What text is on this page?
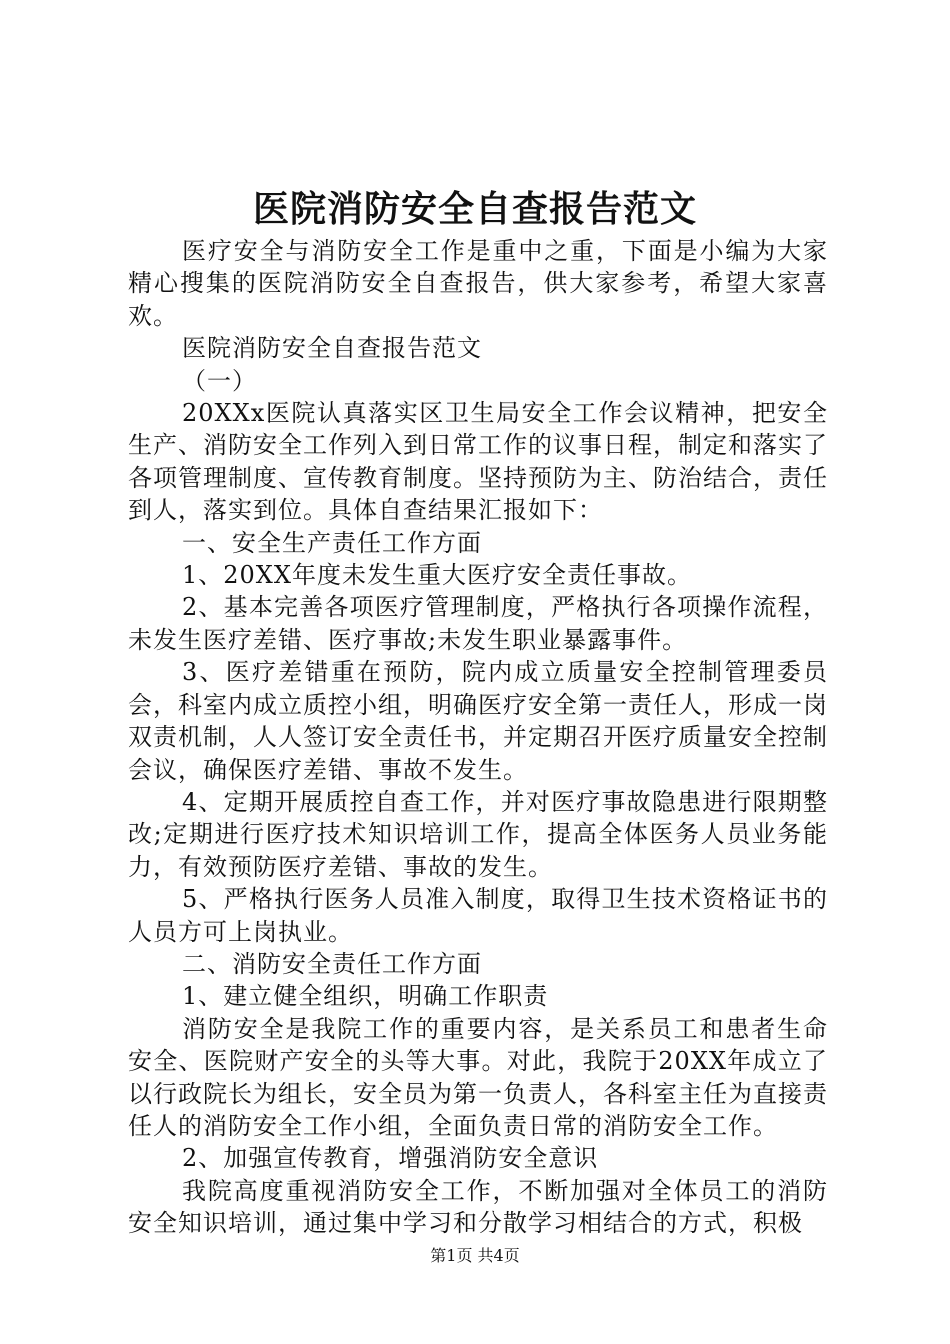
医院消防安全自查报告范文

医疗安全与消防安全工作是重中之重，下面是小编为大家精心搜集的医院消防安全自查报告，供大家参考，希望大家喜欢。

医院消防安全自查报告范文

（一）

20XXx医院认真落实区卫生局安全工作会议精神，把安全生产、消防安全工作列入到日常工作的议事日程，制定和落实了各项管理制度、宣传教育制度。坚持预防为主、防治结合，责任到人，落实到位。具体自查结果汇报如下：

一、安全生产责任工作方面

1、20XX年度未发生重大医疗安全责任事故。

2、基本完善各项医疗管理制度，严格执行各项操作流程，未发生医疗差错、医疗事故;未发生职业暴露事件。

3、医疗差错重在预防，院内成立质量安全控制管理委员会，科室内成立质控小组，明确医疗安全第一责任人，形成一岗双责机制，人人签订安全责任书，并定期召开医疗质量安全控制会议，确保医疗差错、事故不发生。

4、定期开展质控自查工作，并对医疗事故隐患进行限期整改;定期进行医疗技术知识培训工作，提高全体医务人员业务能力，有效预防医疗差错、事故的发生。

5、严格执行医务人员准入制度，取得卫生技术资格证书的人员方可上岗执业。

二、消防安全责任工作方面

1、建立健全组织，明确工作职责

消防安全是我院工作的重要内容，是关系员工和患者生命安全、医院财产安全的头等大事。对此，我院于20XX年成立了以行政院长为组长，安全员为第一负责人，各科室主任为直接责任人的消防安全工作小组，全面负责日常的消防安全工作。

2、加强宣传教育，增强消防安全意识

我院高度重视消防安全工作，不断加强对全体员工的消防安全知识培训，通过集中学习和分散学习相结合的方式，积极

第1页 共4页
